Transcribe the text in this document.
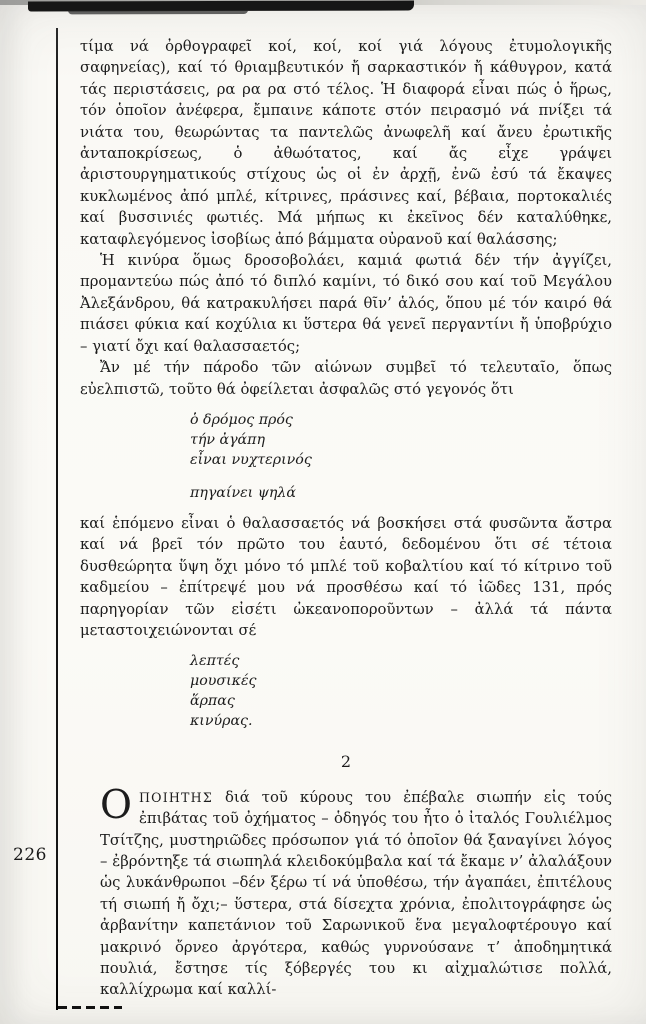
226

τίμα νά ὀρθογραφεῖ κοί, κοί, κοί γιά λόγους ἐτυμολογικῆς σαφηνείας), καί τό θριαμβευτικόν ἤ σαρκαστικόν ἤ κάθυγρον, κατά τάς περιστάσεις, ρα ρα ρα στό τέλος. Ἡ διαφορά εἶναι πώς ὁ ἥρως, τόν ὁποῖον ἀνέφερα, ἔμπαινε κάποτε στόν πειρασμό νά πνίξει τά νιάτα του, θεωρώντας τα παντελῶς ἀνωφελῆ καί ἄνευ ἐρωτικῆς ἀνταποκρίσεως, ὁ ἀθωότατος, καί ἄς εἶχε γράψει ἀριστουργηματικούς στίχους ὡς οἱ ἐν ἀρχῇ, ἐνῶ ἐσύ τά ἔκαψες κυκλωμένος ἀπό μπλέ, κίτρινες, πράσινες καί, βέβαια, πορτοκαλιές καί βυσσινιές φωτιές. Μά μήπως κι ἐκεῖνος δέν καταλύθηκε, καταφλεγόμενος ἰσοβίως ἀπό βάμματα οὐρανοῦ καί θαλάσσης;

Ἡ κινύρα ὅμως δροσοβολάει, καμιά φωτιά δέν τήν ἀγγίζει, προμαντεύω πώς ἀπό τό διπλό καμίνι, τό δικό σου καί τοῦ Μεγάλου Ἀλεξάνδρου, θά κατρακυλήσει παρά θῖν’ ἁλός, ὅπου μέ τόν καιρό θά πιάσει φύκια καί κοχύλια κι ὕστερα θά γενεῖ περγαντίνι ἤ ὑποβρύχιο – γιατί ὄχι καί θαλασσαετός;

Ἄν μέ τήν πάροδο τῶν αἰώνων συμβεῖ τό τελευταῖο, ὅπως εὐελπιστῶ, τοῦτο θά ὀφείλεται ἀσφαλῶς στό γεγονός ὅτι

ὁ δρόμος πρός
τήν ἀγάπη
εἶναι νυχτερινός
πηγαίνει ψηλά

καί ἑπόμενο εἶναι ὁ θαλασσαετός νά βοσκήσει στά φυσῶντα ἄστρα καί νά βρεῖ τόν πρῶτο του ἑαυτό, δεδομένου ὅτι σέ τέτοια δυσθεώρητα ὕψη ὄχι μόνο τό μπλέ τοῦ κοβαλτίου καί τό κίτρινο τοῦ καδμείου – ἐπίτρεψέ μου νά προσθέσω καί τό ἰῶδες 131, πρός παρηγορίαν τῶν εἰσέτι ὠκεανοποροῦντων – ἀλλά τά πάντα μεταστοιχειώνονται σέ

λεπτές
μουσικές
ἅρπας
κινύρας.
2

Ο ΠΟΙΗΤΗΣ διά τοῦ κύρους του ἐπέβαλε σιωπήν εἰς τούς ἐπιβάτας τοῦ ὀχήματος – ὁδηγός του ἦτο ὁ ἰταλός Γουλιέλμος Τσίτζης, μυστηριῶδες πρόσωπον γιά τό ὁποῖον θά ξαναγίνει λόγος – ἐβρόντηξε τά σιωπηλά κλειδοκύμβαλα καί τά ἔκαμε ν’ ἀλαλάξουν ὡς λυκάνθρωποι –δέν ξέρω τί νά ὑποθέσω, τήν ἀγαπάει, ἐπιτέλους τή σιωπή ἤ ὄχι;– ὕστερα, στά δίσεχτα χρόνια, ἐπολιτογράφησε ὡς ἀρβανίτην καπετάνιον τοῦ Σαρωνικοῦ ἕνα μεγαλοφτέρουγο καί μακρινό ὄρνεο ἀργότερα, καθώς γυρνούσανε τ’ ἀποδημητικά πουλιά, ἔστησε τίς ξόβεργές του κι αἰχμαλώτισε πολλά, καλλίχρωμα καί καλλί-
